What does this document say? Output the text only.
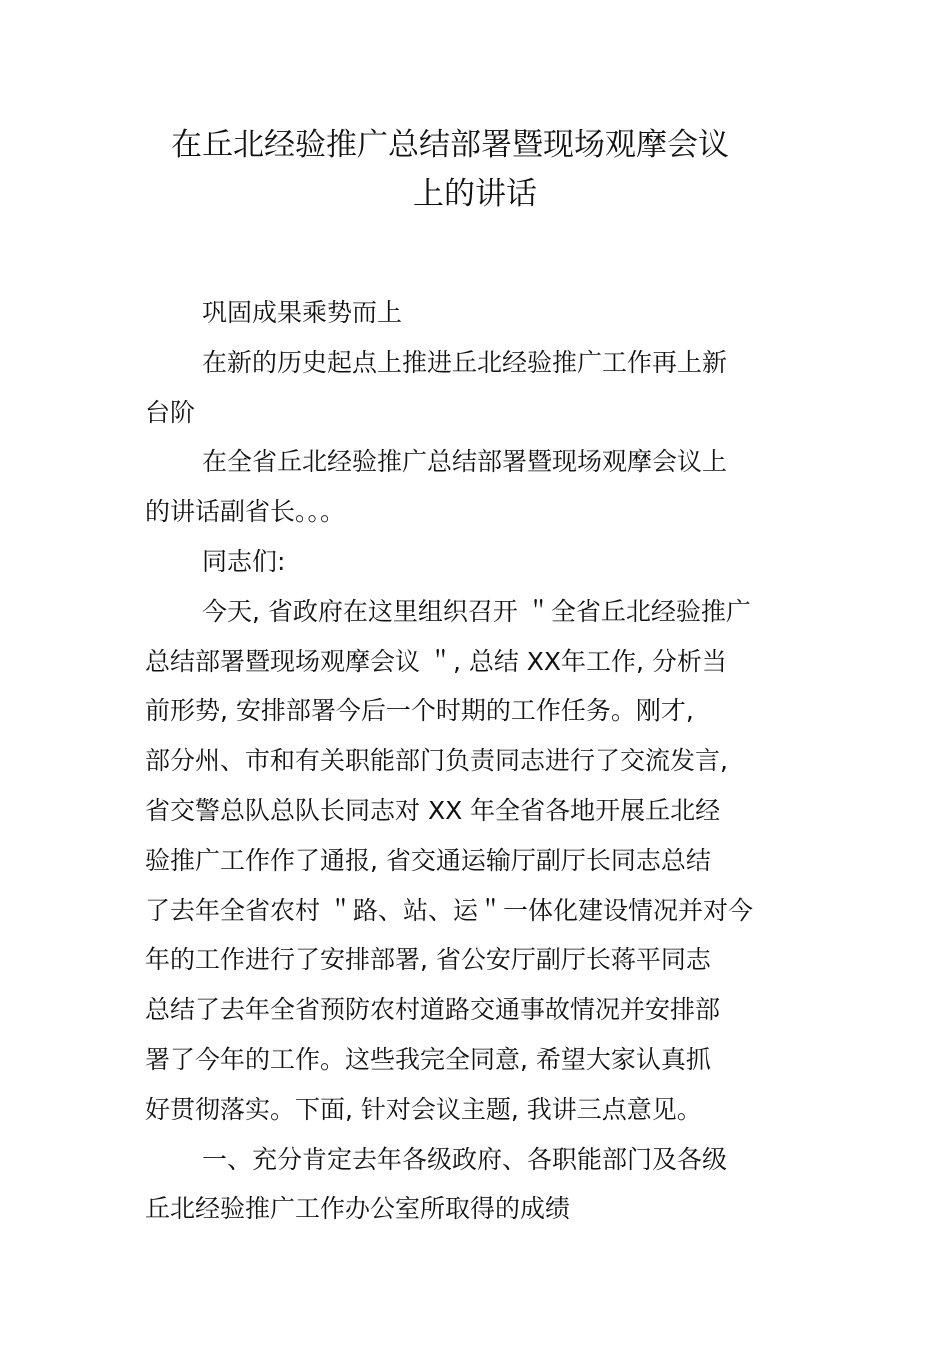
在丘北经验推广总结部署暨现场观摩会议
上的讲话
巩固成果乘势而上
在新的历史起点上推进丘北经验推广工作再上新
台阶
在全省丘北经验推广总结部署暨现场观摩会议上
的讲话副省长。。。
同志们:
今天, 省政府在这里组织召开 ＂全省丘北经验推广
总结部署暨现场观摩会议 ＂, 总结 XX年工作, 分析当
前形势, 安排部署今后一个时期的工作任务。刚才,
部分州、市和有关职能部门负责同志进行了交流发言,
省交警总队总队长同志对 XX 年全省各地开展丘北经
验推广工作作了通报, 省交通运输厅副厅长同志总结
了去年全省农村 ＂路、站、运＂一体化建设情况并对今
年的工作进行了安排部署, 省公安厅副厅长蒋平同志
总结了去年全省预防农村道路交通事故情况并安排部
署了今年的工作。这些我完全同意, 希望大家认真抓
好贯彻落实。下面, 针对会议主题, 我讲三点意见。
一、充分肯定去年各级政府、各职能部门及各级
丘北经验推广工作办公室所取得的成绩
